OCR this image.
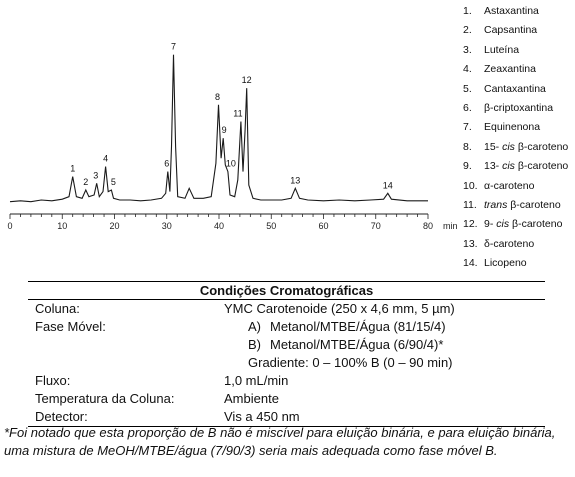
0	10	20	30	40	50	60	70	80 min
1
2
3
4
5
6
7
8
9
10
11
12
13
14
1. Astaxantina
2. Capsantina
3. Luteína
4. Zeaxantina
5. Cantaxantina
6. β-criptoxantina
7. Equinenona
8. 15- cis β-caroteno
9. 13- cis β-caroteno
10. α-caroteno
11. trans β-caroteno
12. 9- cis β-caroteno
13. δ-caroteno
14. Licopeno
Condições Cromatográficas
Coluna:	YMC Carotenoide (250 x 4,6 mm, 5 µm)
Fase Móvel:	A) Metanol/MTBE/Água (81/15/4)
B) Metanol/MTBE/Água (6/90/4)*
Gradiente: 0 – 100% B (0 – 90 min)
Fluxo:	1,0 mL/min
Temperatura da Coluna:	Ambiente
Detector:	Vis a 450 nm
*Foi notado que esta proporção de B não é miscível para eluição binária, e para eluição binária, uma mistura de MeOH/MTBE/água (7/90/3) seria mais adequada como fase móvel B.
